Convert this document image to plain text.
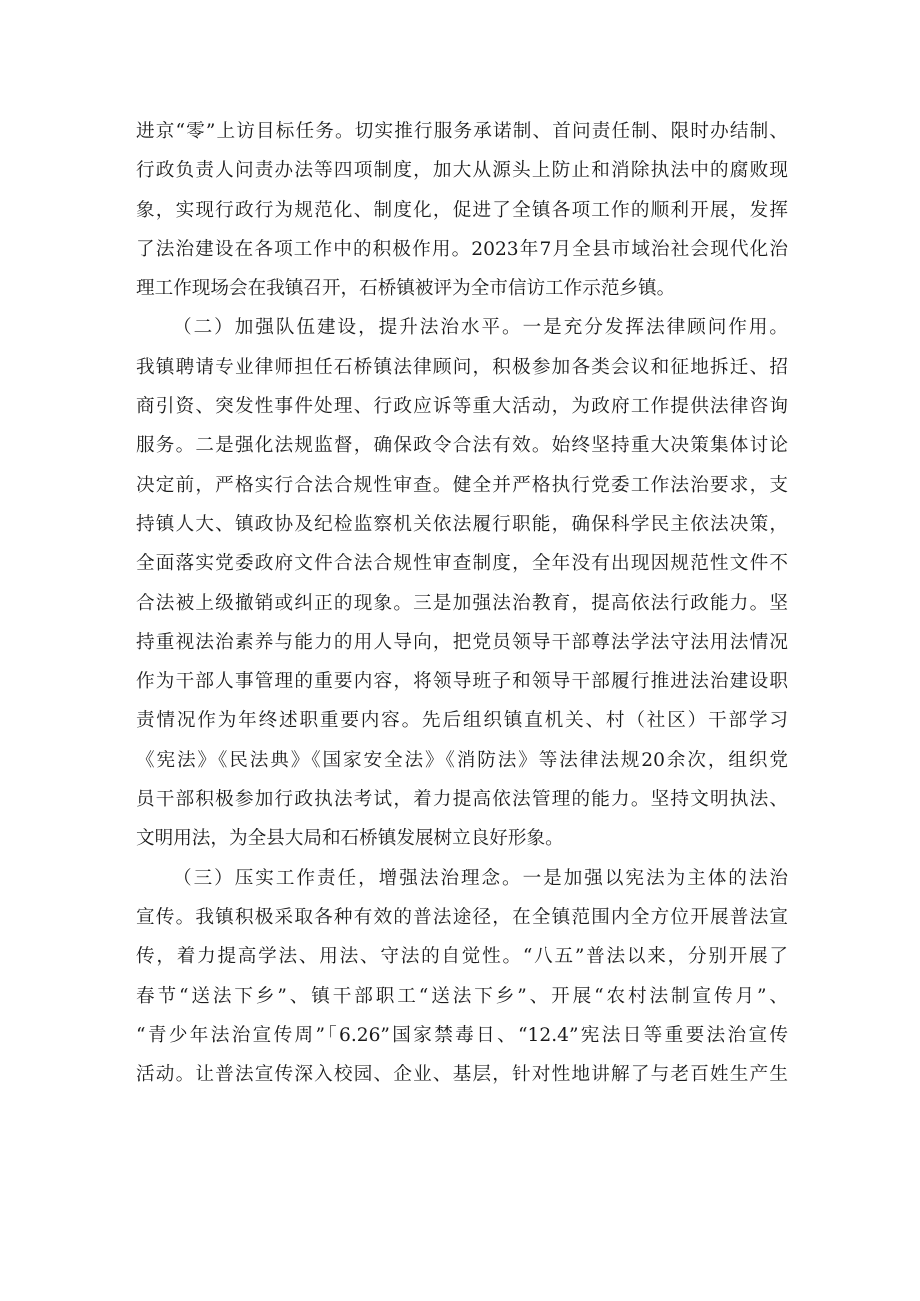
进京“零”上访目标任务。切实推行服务承诺制、首问责任制、限时办结制、
行政负责人问责办法等四项制度，加大从源头上防止和消除执法中的腐败现
象，实现行政行为规范化、制度化，促进了全镇各项工作的顺利开展，发挥
了法治建设在各项工作中的积极作用。2023年7月全县市域治社会现代化治
理工作现场会在我镇召开，石桥镇被评为全市信访工作示范乡镇。
（二）加强队伍建设，提升法治水平。一是充分发挥法律顾问作用。
我镇聘请专业律师担任石桥镇法律顾问，积极参加各类会议和征地拆迁、招
商引资、突发性事件处理、行政应诉等重大活动，为政府工作提供法律咨询
服务。二是强化法规监督，确保政令合法有效。始终坚持重大决策集体讨论
决定前，严格实行合法合规性审查。健全并严格执行党委工作法治要求，支
持镇人大、镇政协及纪检监察机关依法履行职能，确保科学民主依法决策，
全面落实党委政府文件合法合规性审查制度，全年没有出现因规范性文件不
合法被上级撤销或纠正的现象。三是加强法治教育，提高依法行政能力。坚
持重视法治素养与能力的用人导向，把党员领导干部尊法学法守法用法情况
作为干部人事管理的重要内容，将领导班子和领导干部履行推进法治建设职
责情况作为年终述职重要内容。先后组织镇直机关、村（社区）干部学习
《宪法》《民法典》《国家安全法》《消防法》等法律法规20余次，组织党
员干部积极参加行政执法考试，着力提高依法管理的能力。坚持文明执法、
文明用法，为全县大局和石桥镇发展树立良好形象。
（三）压实工作责任，增强法治理念。一是加强以宪法为主体的法治
宣传。我镇积极采取各种有效的普法途径，在全镇范围内全方位开展普法宣
传，着力提高学法、用法、守法的自觉性。“八五”普法以来，分别开展了
春节“送法下乡”、镇干部职工“送法下乡”、开展“农村法制宣传月”、
“青少年法治宣传周”「6.26”国家禁毒日、“12.4”宪法日等重要法治宣传
活动。让普法宣传深入校园、企业、基层，针对性地讲解了与老百姓生产生
